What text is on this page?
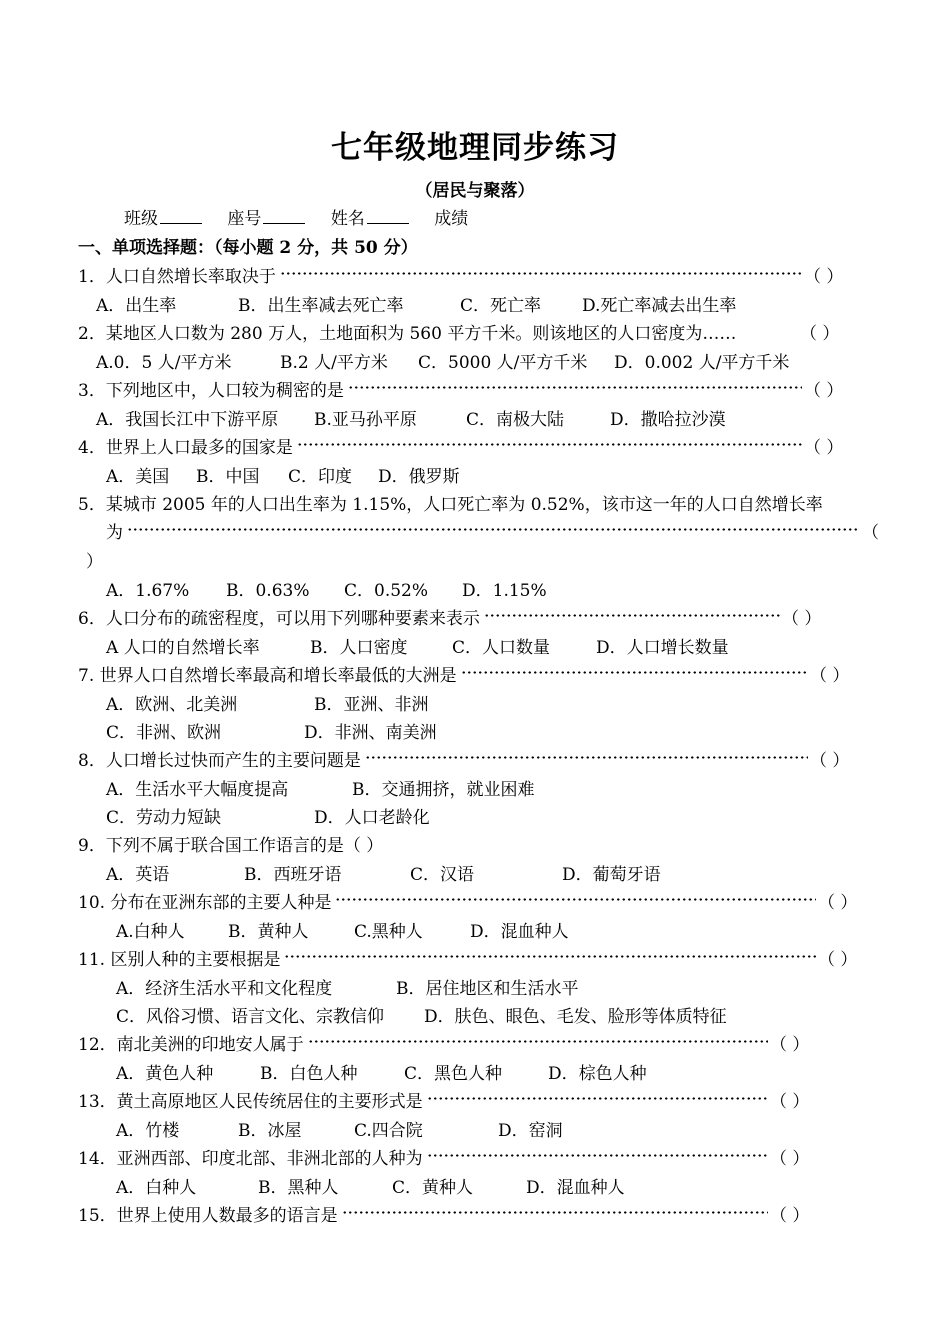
七年级地理同步练习
（居民与聚落）
班级	座号	姓名	成绩
一、单项选择题：（每小题 2 分，共 50 分）
1．人口自然增长率取决于	（ ）
A．出生率	B．出生率减去死亡率	C．死亡率 D.死亡率减去出生率
2．某地区人口数为 280 万人，土地面积为 560 平方千米。则该地区的人口密度为……	（ ）
A.0．5 人/平方米	B.2 人/平方米 C．5000 人/平方千米 D．0.002 人/平方千米
3．下列地区中，人口较为稠密的是	（ ）
A．我国长江中下游平原 B.亚马孙平原	C．南极大陆	D．撒哈拉沙漠
4．世界上人口最多的国家是	（ ）
A．美国 B．中国 C．印度 D．俄罗斯
5．某城市 2005 年的人口出生率为 1.15%，人口死亡率为 0.52%，该市这一年的人口自然增长率
为	（
）
A．1.67% B．0.63% C．0.52% D．1.15%
6．人口分布的疏密程度，可以用下列哪种要素来表示	（ ）
A 人口的自然增长率	B．人口密度	C．人口数量	D．人口增长数量
7. 世界人口自然增长率最高和增长率最低的大洲是	（ ）
A．欧洲、北美洲	B．亚洲、非洲
C．非洲、欧洲	D．非洲、南美洲
8．人口增长过快而产生的主要问题是	（ ）
A．生活水平大幅度提高	B．交通拥挤，就业困难
C．劳动力短缺	D．人口老龄化
9．下列不属于联合国工作语言的是（ ）
A．英语	B．西班牙语	C．汉语	D．葡萄牙语
10. 分布在亚洲东部的主要人种是	（ ）
A.白种人	B．黄种人	C.黑种人	D．混血种人
11. 区别人种的主要根据是	（ ）
A．经济生活水平和文化程度	B．居住地区和生活水平
C．风俗习惯、语言文化、宗教信仰 D．肤色、眼色、毛发、脸形等体质特征
12．南北美洲的印地安人属于	（ ）
A．黄色人种	B．白色人种	C．黑色人种	D．棕色人种
13．黄土高原地区人民传统居住的主要形式是	（ ）
A．竹楼	B．冰屋	C.四合院	D．窑洞
14．亚洲西部、印度北部、非洲北部的人种为	（ ）
A．白种人	B．黑种人	C．黄种人	D．混血种人
15．世界上使用人数最多的语言是	（ ）
